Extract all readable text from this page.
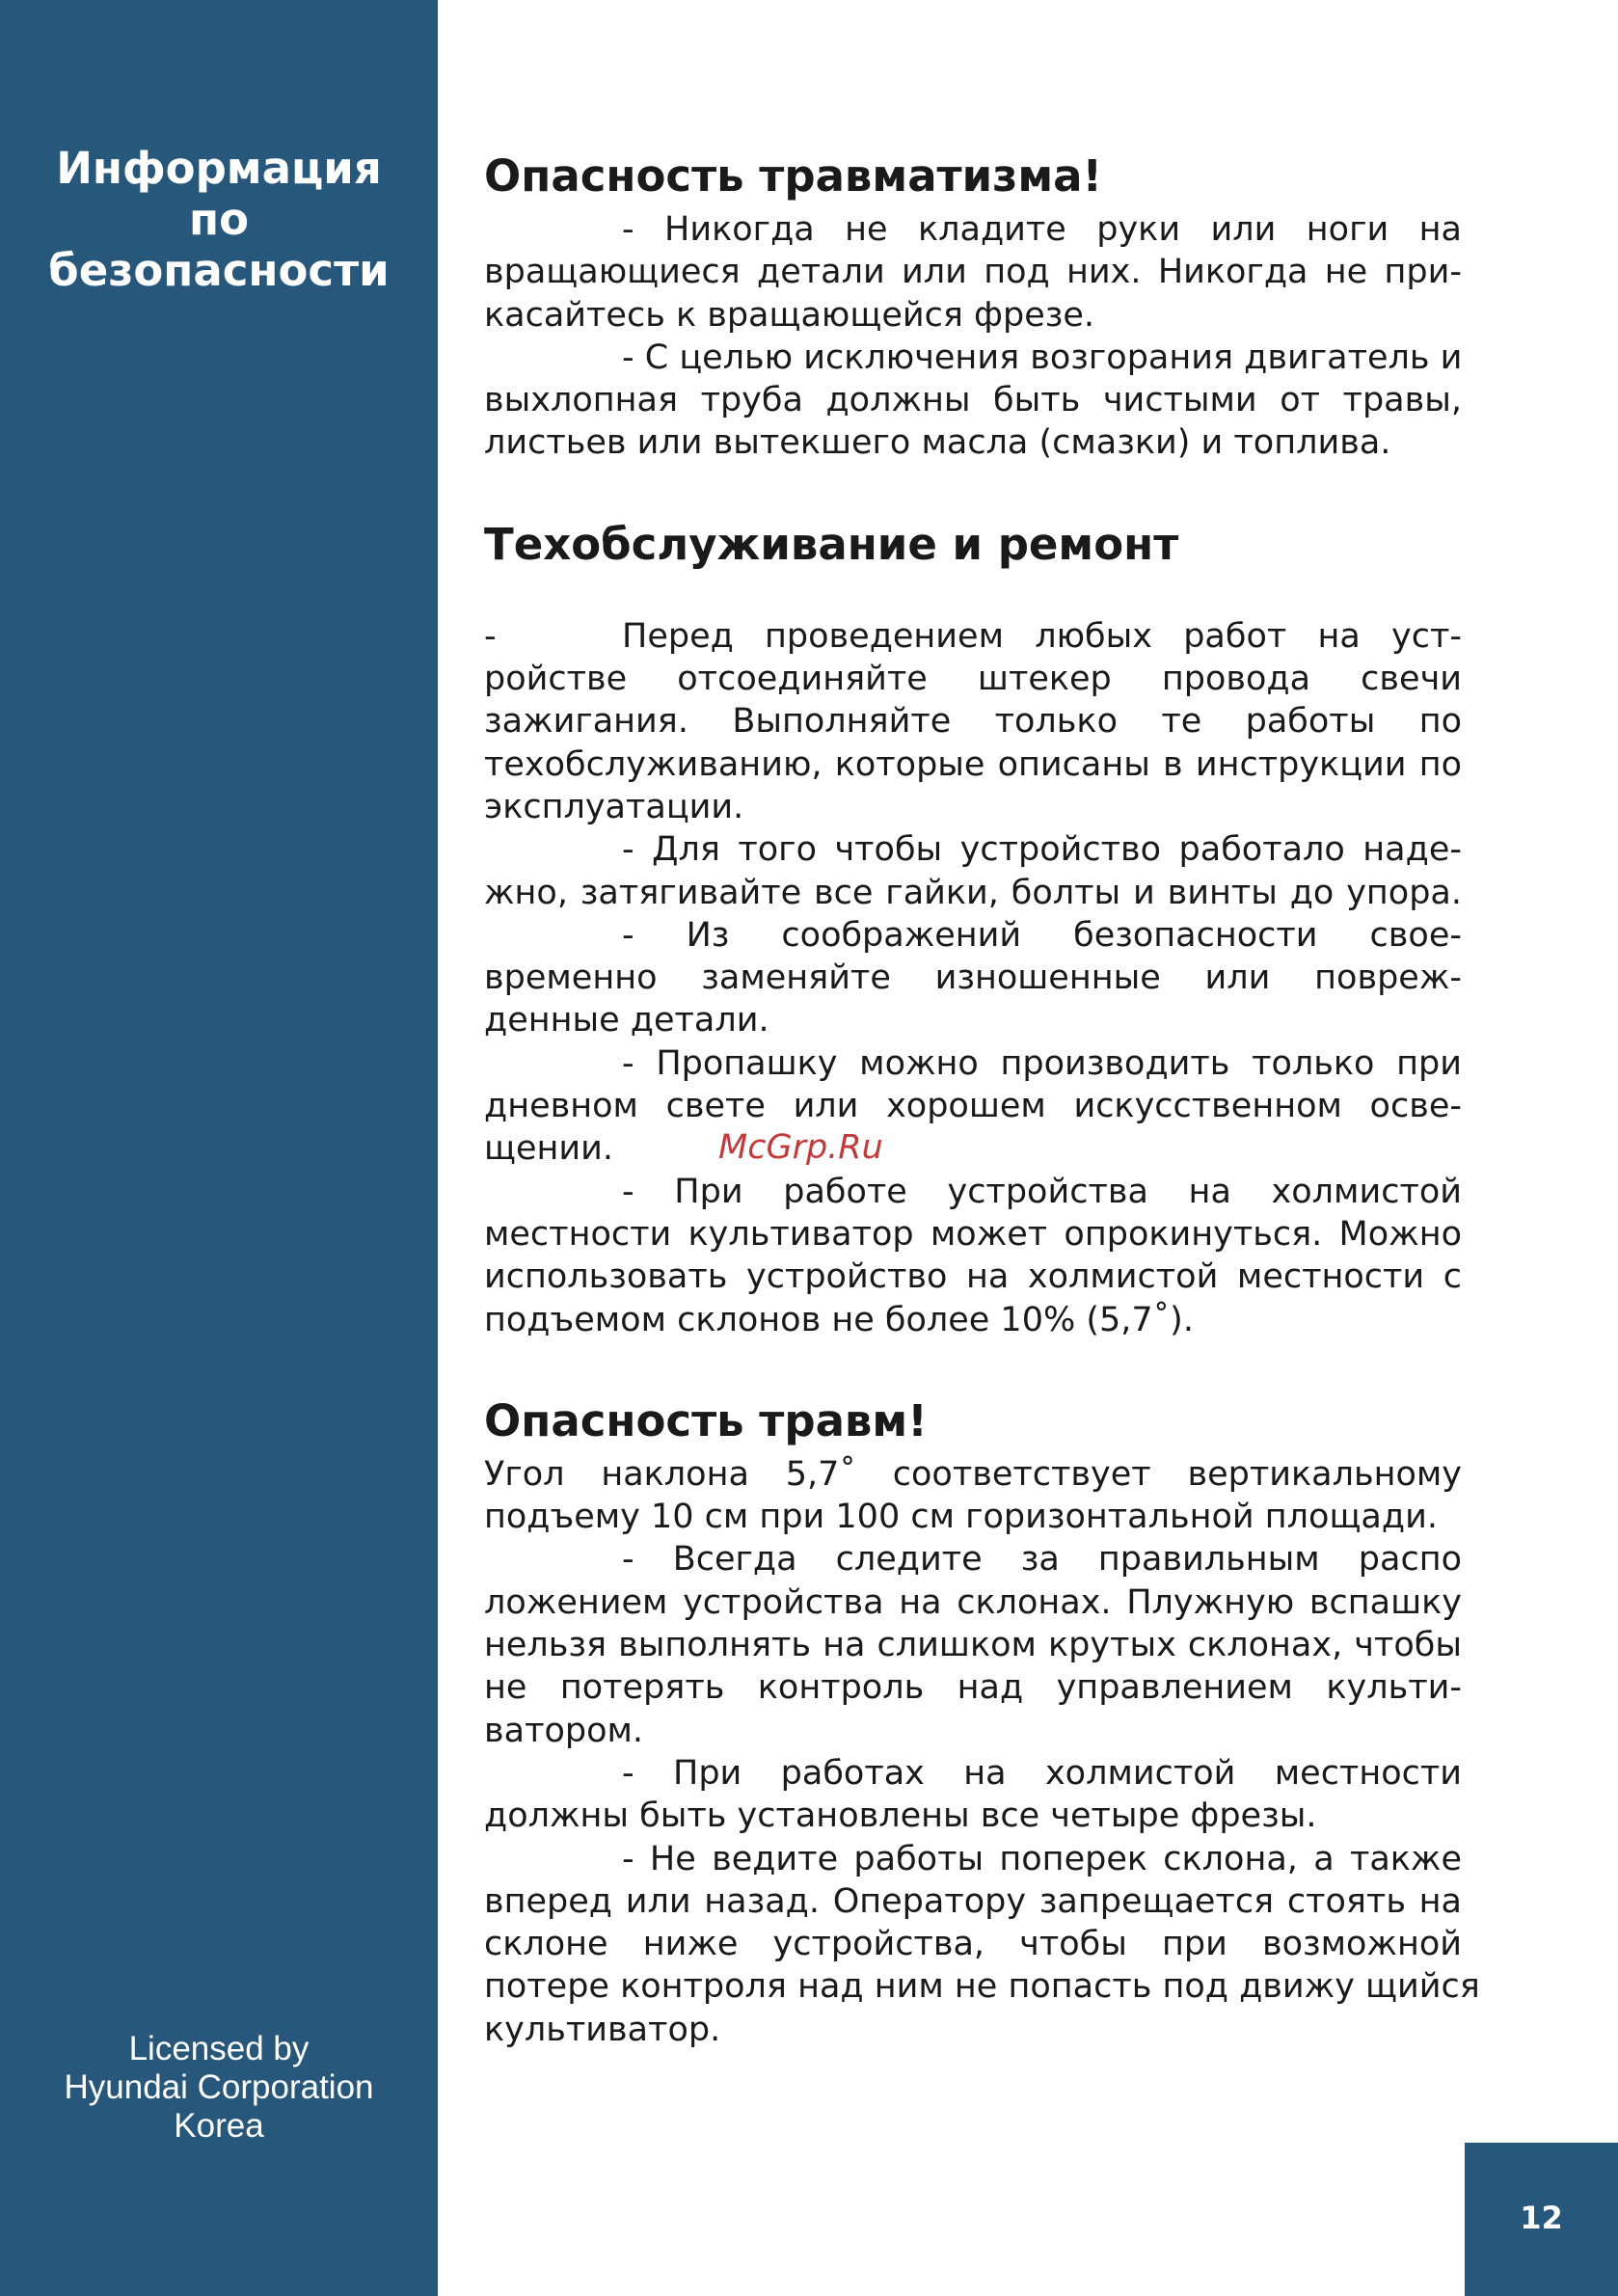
Информация
по
безопасности
Licensed by
Hyundai Corporation
Korea
Опасность травматизма!
- Никогда не кладите руки или ноги на
вращающиеся детали или под них. Никогда не при-
касайтесь к вращающейся фрезе.
- С целью исключения возгорания двигатель и
выхлопная труба должны быть чистыми от травы,
листьев или вытекшего масла (смазки) и топлива.
Техобслуживание и ремонт
-	Перед проведением любых работ на уст-
ройстве отсоединяйте штекер провода свечи
зажигания. Выполняйте только те работы по
техобслуживанию, которые описаны в инструкции по
эксплуатации.
- Для того чтобы устройство работало наде-
жно, затягивайте все гайки, болты и винты до упора.
- Из соображений безопасности свое-
временно заменяйте изношенные или повреж-
денные детали.
- Пропашку можно производить только при
дневном свете или хорошем искусственном осве-
щении.
- При работе устройства на холмистой
местности культиватор может опрокинуться. Можно
использовать устройство на холмистой местности с
подъемом склонов не более 10% (5,7˚).
Опасность травм!
Угол наклона 5,7˚ соответствует вертикальному
подъему 10 см при 100 см горизонтальной площади.
- Всегда следите за правильным распо
ложением устройства на склонах. Плужную вспашку
нельзя выполнять на слишком крутых склонах, чтобы
не потерять контроль над управлением культи-
ватором.
- При работах на холмистой местности
должны быть установлены все четыре фрезы.
- Не ведите работы поперек склона, а также
вперед или назад. Оператору запрещается стоять на
склоне ниже устройства, чтобы при возможной
потере контроля над ним не попасть под движу щийся
культиватор.
McGrp.Ru
12
